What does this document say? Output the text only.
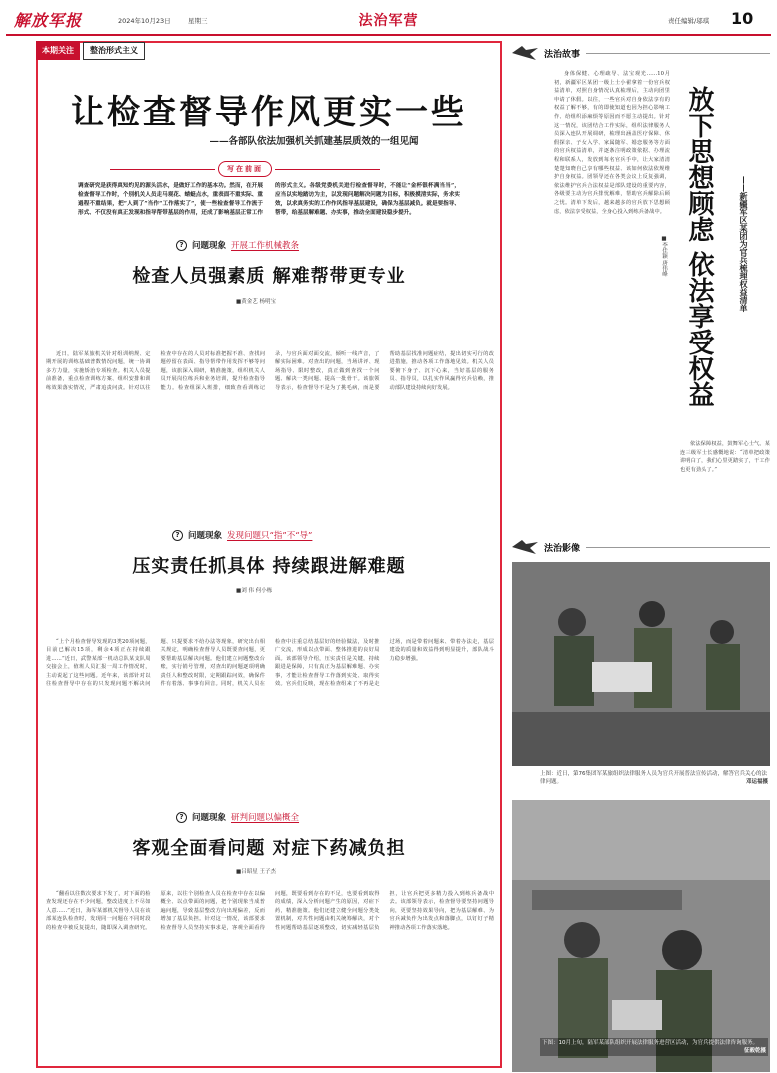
解放军报	2024年10月23日	星期三	法治军营	责任编辑/邬琪 10
本期关注	整治形式主义
让检查督导作风更实一些
——各部队依法加强机关抓建基层质效的一组见闻
写在前面
调查研究是获得真知灼见的源头活水，是做好工作的基本功。然而，在开展检查督导工作时，个别机关人员走马观花、蜻蜓点水，重表面不重实际、重過程不重结果，把“人到了”当作“工作落实了”，使一些检查督导工作流于形式、不仅没有真正发现和指导帮带基层的作用，还成了影响基层正常工作的形式主义。各级党委机关进行检查督导时，不能让“金杯银杯满当当”，应当以实地踏访为主，以发现问题解决问题为目标，积极摸清实际，务求实效，以求真务实的工作作风指导基层建设，确保为基层减负。就是要指导、帮带，给基层解难题、办实事，推动全面建设稳步提升。
? 问题现象 开展工作机械教条
检查人员强素质 解难帮带更专业
■黄金艺 杨明宝

近日，陆军某旅机关针对组训纳规、定期开展的训练基础普数情况问题，统一协调多方力量，实施矫治专项检查。机关人员提前准备，重点检查训练方案、组织安排和训练效果落实情况，严肃追责问责。针对以往检查中存在的人员对标准把握不准、查找问题停留在表面、指导帮带作用发挥不够等问题，该旅深入调研，精准施策，组织机关人员开展岗位练兵和业务培训，提升检查指导能力。检查组深入班排，细致查看训练记录，与官兵面对面交流，倾听一线声音，了解实际困难。对查出的问题，当场讲评、现场指导、限时整改，真正做到查找一个问题、解决一类问题、提高一批骨干。该旅领导表示，检查督导不是为了挑毛病，而是要帮助基层找准问题症结，提出切实可行的改进措施，推动各项工作落地见效。机关人员要俯下身子、沉下心来，当好基层的服务员、指导员，以扎实作风赢得官兵信赖，推动部队建设持续向好发展。

? 问题现象 发现问题只“指”不“导”
压实责任抓具体 持续跟进解难题
■刘 伟 何小栋

“上个月检查督导发现的3类20项问题，目前已解决15项，剩余4项正在持续跟进……”近日，武警某部一机动总队某支队周交接会上，值班人员汇报一周工作情况时，主动说起了这些问题。近年来，该部针对以往检查督导中存在的只发现问题不解决问题、只提要求不给办法等现象，研究出台相关规定，明确检查督导人员既要查问题，更要帮助基层解决问题。他们建立问题整改台账，实行销号管理，对查出的问题逐项明确责任人和整改时限，定期跟踪问效，确保件件有着落、事事有回音。同时，机关人员在检查中注重总结基层好的经验做法，及时推广交流，形成以点带面、整体推进的良好局面。该部领导介绍，压实责任是关键，持续跟进是保障，只有真正为基层解难题、办实事，才能让检查督导工作落到实处、取得实效。官兵们反映，现在检查组来了不再是走过场，而是带着问题来、带着办法走，基层建设的质量和效益得到明显提升，部队战斗力稳步增强。

? 问题现象 研判问题以偏概全
客观全面看问题 对症下药减负担
■吕昭星 王子杰

“翻看以往数次要求下发了，对下面的检查发现还存在不少问题，整改进度上不尽如人意……”近日，海军某部机关督导人员在该部某连队检查时，发现同一问题在不同时段的检查中被反复提出，随即深入调查研究。原来，以往个别检查人员在检查中存在以偏概全、以点带面的问题，把个别现象当成普遍问题，导致基层整改方向出现偏差，反而增加了基层负担。针对这一情况，该部要求检查督导人员坚持实事求是，客观全面看待问题，既要看到存在的不足，也要看到取得的成绩，深入分析问题产生的原因，对症下药，精准施策。他们还建立健全问题分类处置机制，对共性问题由机关统筹解决，对个性问题帮助基层逐项整改，切实减轻基层负担，让官兵把更多精力投入到练兵备战中去。该部领导表示，检查督导要坚持问题导向，更要坚持效果导向，把为基层解难、为官兵减负作为出发点和落脚点，以钉钉子精神推动各项工作落实落地。

法治故事

身体保健、心理疏导、法宝观光……10月初，新疆军区某团一级上士小翟拿着一份官兵权益清单，对照自身情况认真梳理后，主动向团里申请了休假。以往，一些官兵对自身依法享有的权益了解不够，有的即使知道也因为担心影响工作、给组织添麻烦等原因而不愿主动提出。针对这一情况，该团结合工作实际，组织法律服务人员深入连队开展调研，梳理出涵盖医疗保障、休假探亲、子女入学、家属随军、婚恋服务等方面的官兵权益清单，并逐条注明政策依据、办理流程和联系人，发放到每名官兵手中，让大家清清楚楚知晓自己享有哪些权益、该如何依法依规维护自身权益。团领导还在各类会议上反复强调，依法维护官兵合法权益是部队建设的重要内容，各级要主动为官兵排忧解难，帮助官兵解除后顾之忧。清单下发后，越来越多的官兵放下思想顾虑，依法享受权益，全身心投入到练兵备战中。 放下思想顾虑 依法享受权益	——新疆军区某团为官兵梳理权益清单
■李佳颖 唐伟峰

依法保障权益，鼓舞军心士气。某连三级军士长感慨地说：“清单把政策讲明白了，我们心里更踏实了，干工作也更有劲头了。”

法治影像
上图：近日，第76集团军某旅组织法律服务人员为官兵开展普法宣传活动，解答官兵关心的法律问题。	邓运福摄
下图：10月上旬，陆军某部队组织开展法律服务进营区活动，为官兵提供法律咨询服务。
征毅乾摄
